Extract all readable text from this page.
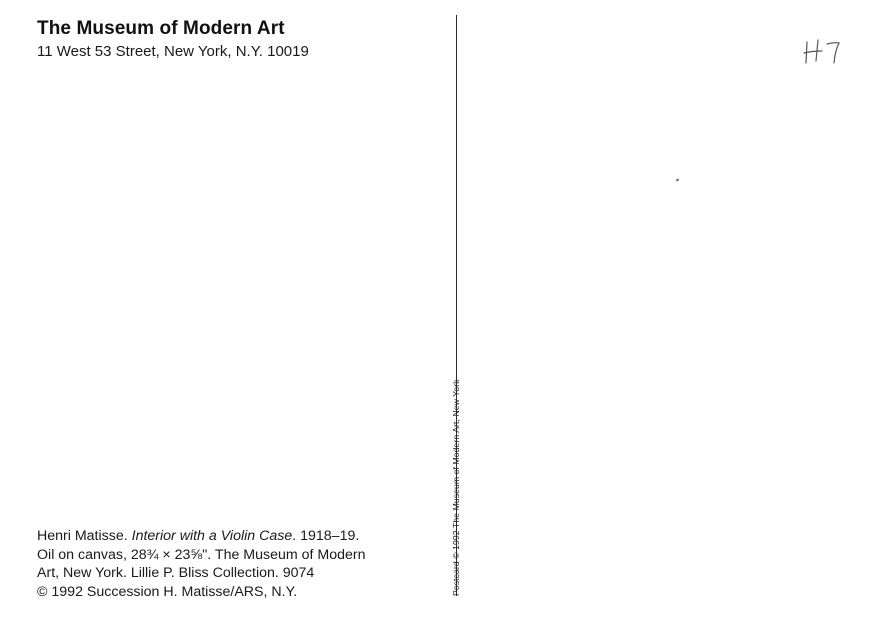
The Museum of Modern Art
11 West 53 Street, New York, N.Y. 10019
Postcard © 1992 The Museum of Modern Art, New York
Henri Matisse. Interior with a Violin Case. 1918–19.
Oil on canvas, 28¾ × 23⅝". The Museum of Modern
Art, New York. Lillie P. Bliss Collection. 9074
© 1992 Succession H. Matisse/ARS, N.Y.
